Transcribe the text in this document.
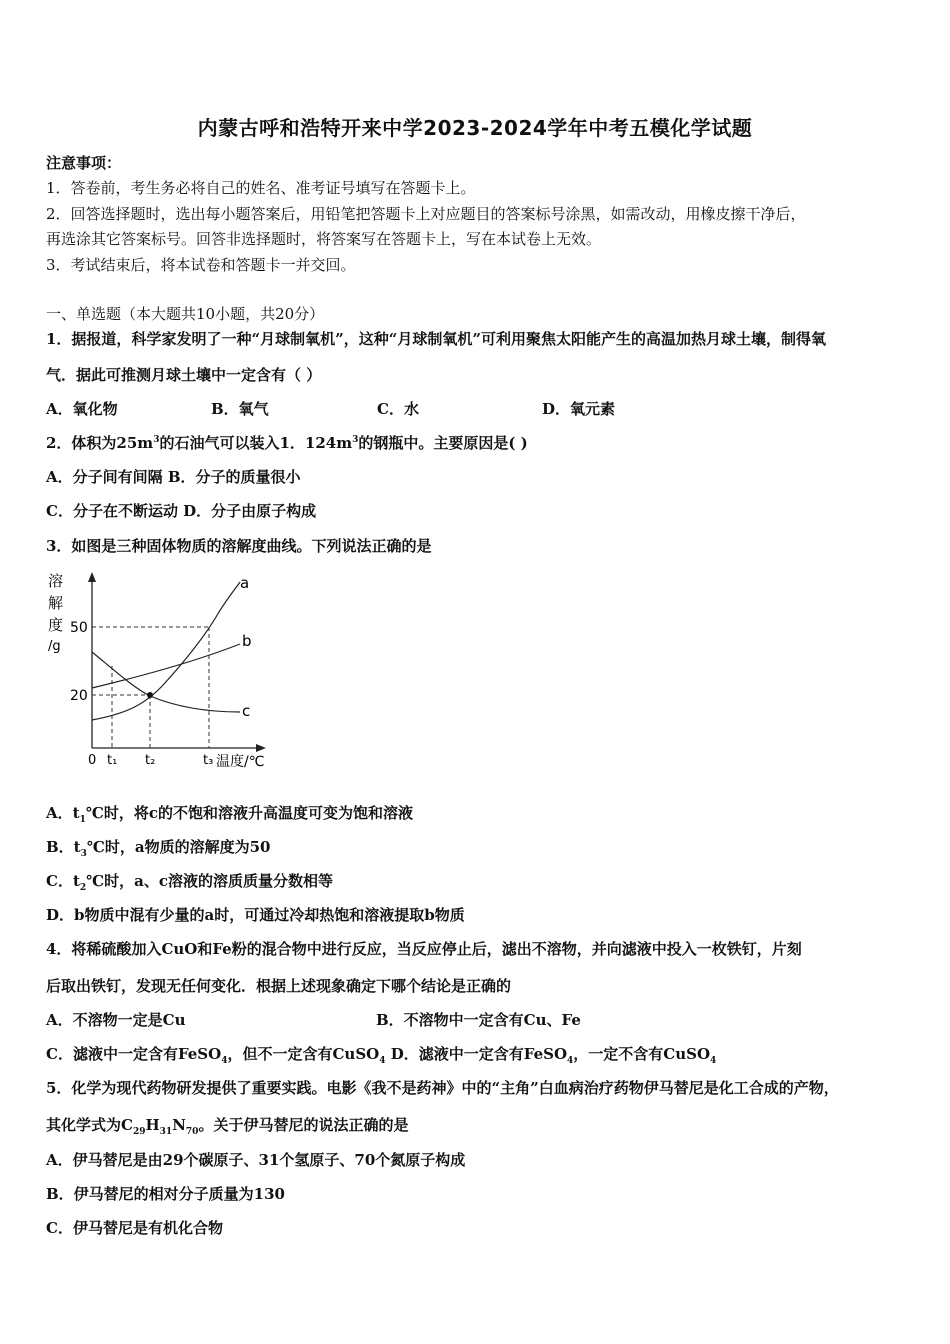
内蒙古呼和浩特开来中学2023-2024学年中考五模化学试题
注意事项：
1．答卷前，考生务必将自己的姓名、准考证号填写在答题卡上。
2．回答选择题时，选出每小题答案后，用铅笔把答题卡上对应题目的答案标号涂黑，如需改动，用橡皮擦干净后，
再选涂其它答案标号。回答非选择题时，将答案写在答题卡上，写在本试卷上无效。
3．考试结束后，将本试卷和答题卡一并交回。
一、单选题（本大题共10小题，共20分）
1．据报道，科学家发明了一种“月球制氧机”，这种“月球制氧机”可利用聚焦太阳能产生的高温加热月球土壤，制得氧
气．据此可推测月球土壤中一定含有（ ）
A．氧化物	B．氧气	C．水	D．氧元素
2．体积为$25m^3$的石油气可以装入1．$124m^3$的钢瓶中。主要原因是( )
A．分子间有间隔 B．分子的质量很小
C．分子在不断运动 D．分子由原子构成
3．如图是三种固体物质的溶解度曲线。下列说法正确的是
溶
解
度
/g
50
20
a
b
c
0 t₁ t₂	t₃ 温度/℃
A．$t_1℃$时，将c的不饱和溶液升高温度可变为饱和溶液
B．$t_3℃$时，a物质的溶解度为50
C．$t_2℃$时，a、c溶液的溶质质量分数相等
D．b物质中混有少量的a时，可通过冷却热饱和溶液提取b物质
4．将稀硫酸加入CuO和Fe粉的混合物中进行反应，当反应停止后，滤出不溶物，并向滤液中投入一枚铁钉，片刻
后取出铁钉，发现无任何变化．根据上述现象确定下哪个结论是正确的
A．不溶物一定是Cu	B．不溶物中一定含有Cu、Fe
C．滤液中一定含有FeSO$_4$，但不一定含有CuSO$_4$ D．滤液中一定含有FeSO$_4$，一定不含有CuSO$_4$
5．化学为现代药物研发提供了重要实践。电影《我不是药神》中的“主角”白血病治疗药物伊马替尼是化工合成的产物，
其化学式为$C_{29}H_{31}N_{70}$。关于伊马替尼的说法正确的是
A．伊马替尼是由29个碳原子、31个氢原子、70个氮原子构成
B．伊马替尼的相对分子质量为130
C．伊马替尼是有机化合物
